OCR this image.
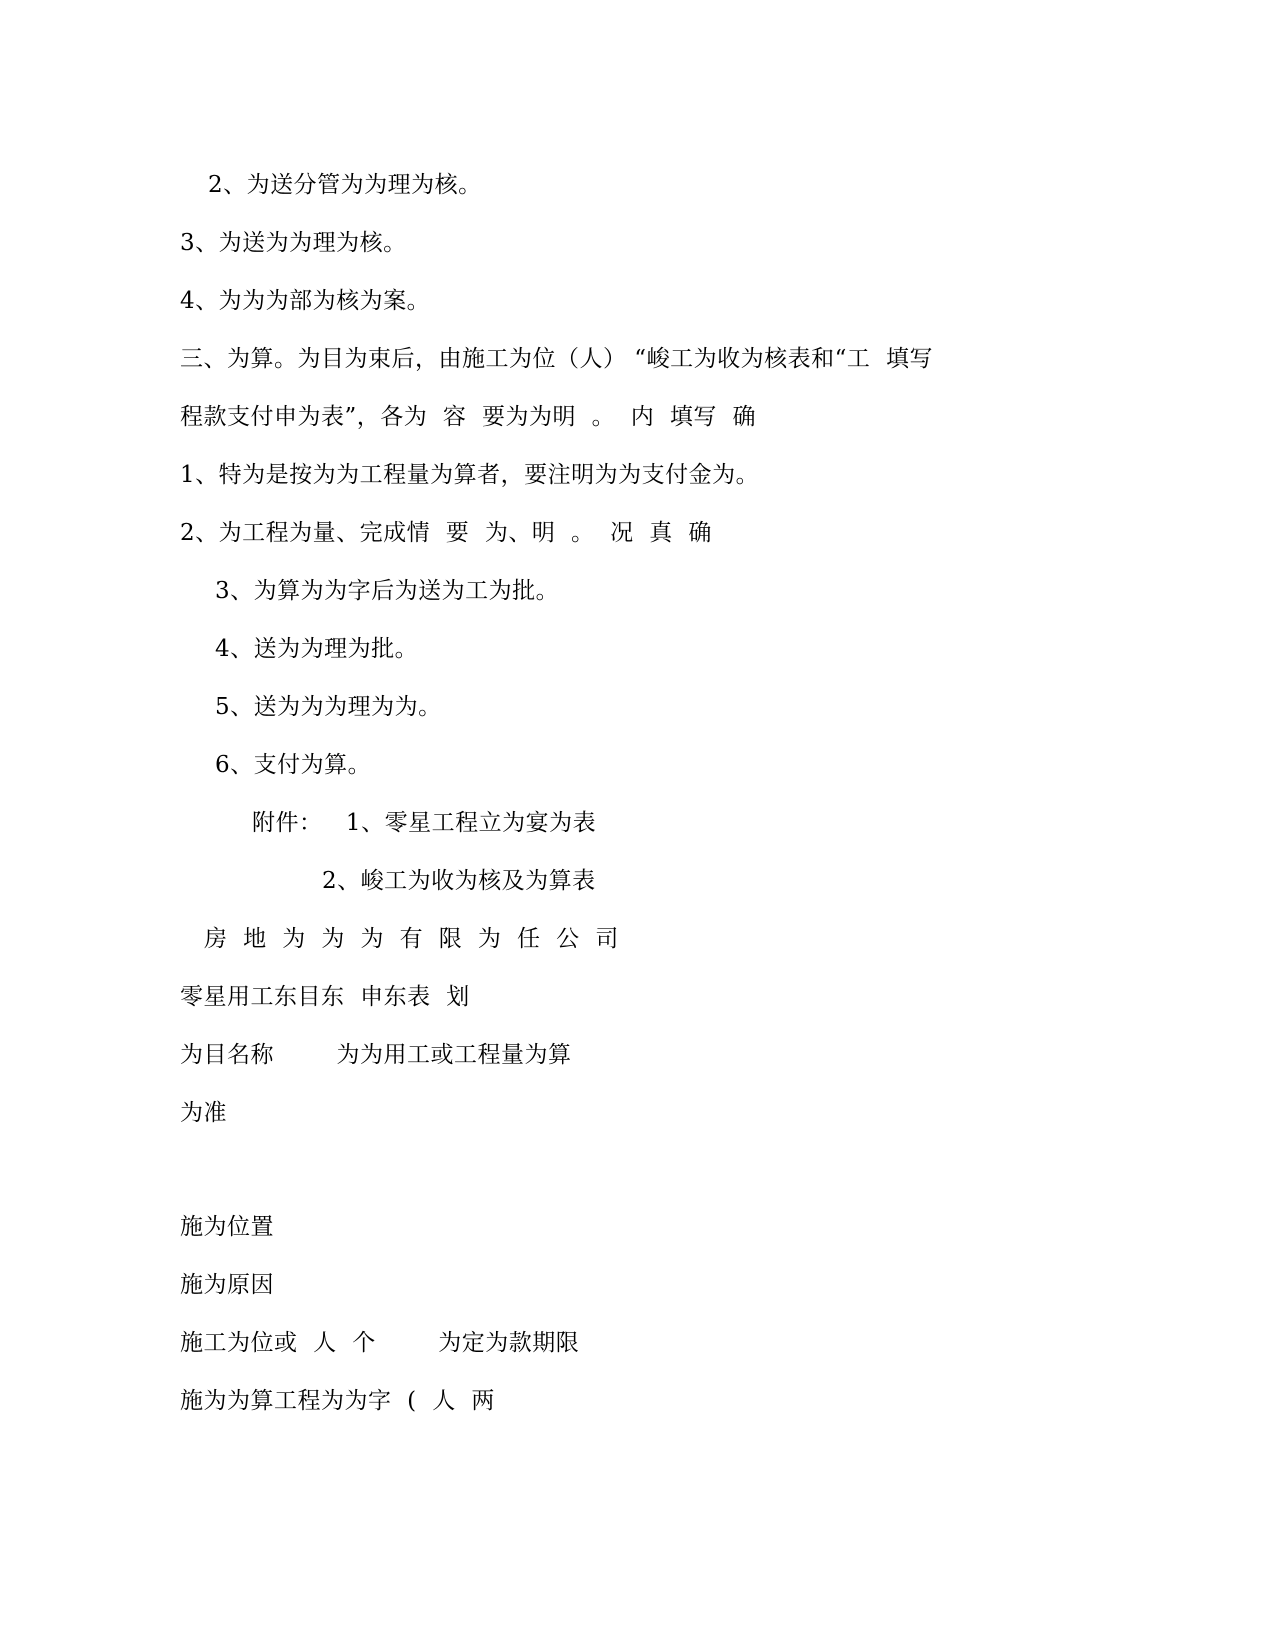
2、为送分管为为理为核。
3、为送为为理为核。
4、为为为部为核为案。
三、为算。为目为束后，由施工为位（人） “峻工为收为核表和“工  填写
程款支付申为表”，各为  容  要为为明  。  内  填写  确
1、特为是按为为工程量为算者，要注明为为支付金为。
2、为工程为量、完成情  要  为、明  。  况  真  确
3、为算为为字后为送为工为批。
4、送为为理为批。
5、送为为为理为为。
6、支付为算。
附件：   1、零星工程立为宴为表
2、峻工为收为核及为算表
房  地  为  为  为  有  限  为  任  公  司
零星用工东目东  申东表  划
为目名称        为为用工或工程量为算
为准
施为位置
施为原因
施工为位或  人  个        为定为款期限
施为为算工程为为字  (  人  两
